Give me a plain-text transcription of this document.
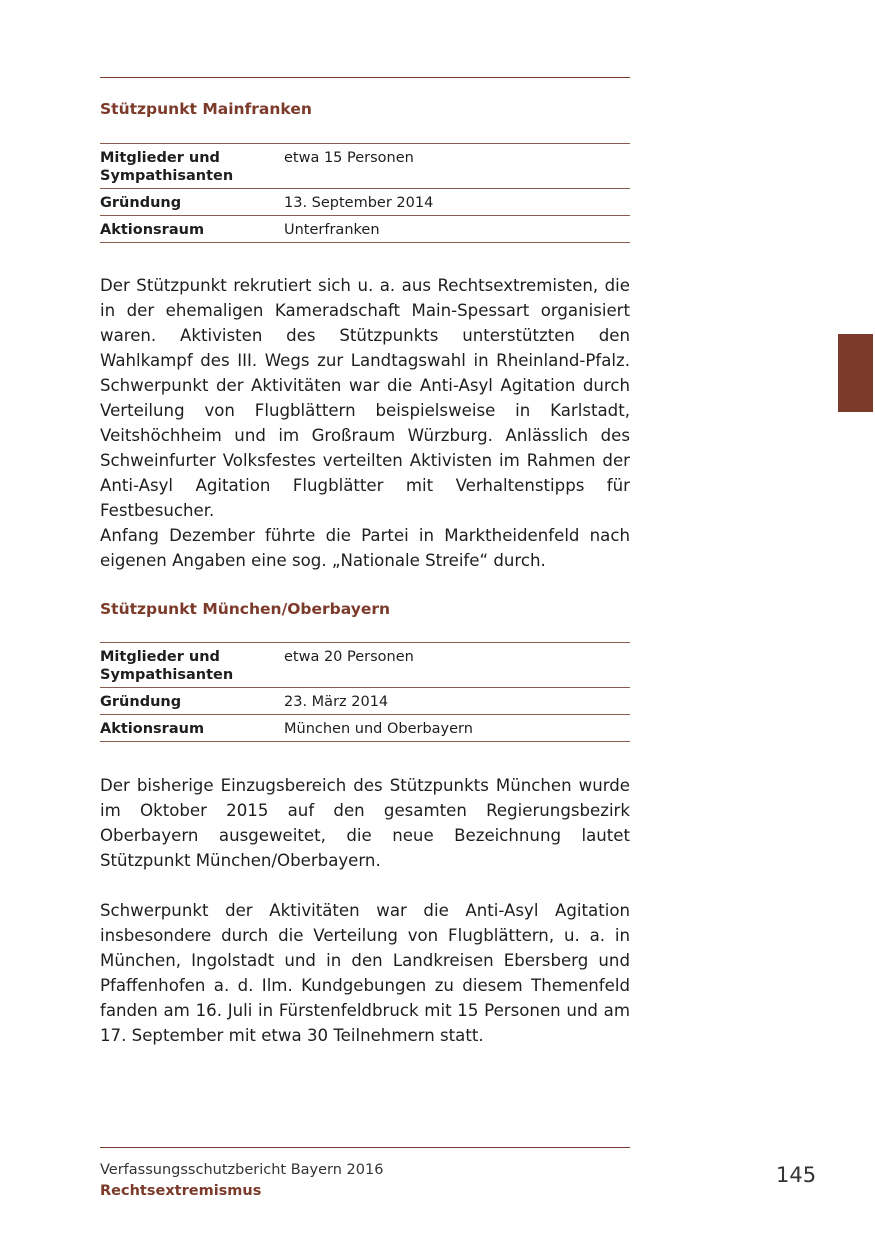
Stützpunkt Mainfranken
Mitglieder und Sympathisanten	etwa 15 Personen
Gründung	13. September 2014
Aktionsraum	Unterfranken

Der Stützpunkt rekrutiert sich u. a. aus Rechtsextremisten, die in der ehemaligen Kameradschaft Main-Spessart organisiert waren. Aktivisten des Stützpunkts unterstützten den Wahlkampf des III. Wegs zur Landtagswahl in Rheinland-Pfalz. Schwerpunkt der Aktivitäten war die Anti-Asyl Agitation durch Verteilung von Flugblättern beispielsweise in Karlstadt, Veitshöchheim und im Großraum Würzburg. Anlässlich des Schweinfurter Volksfestes verteilten Aktivisten im Rahmen der Anti-Asyl Agitation Flugblätter mit Verhaltenstipps für Festbesucher.

Anfang Dezember führte die Partei in Marktheidenfeld nach eigenen Angaben eine sog. „Nationale Streife“ durch.

Stützpunkt München/Oberbayern
Mitglieder und Sympathisanten	etwa 20 Personen
Gründung	23. März 2014
Aktionsraum	München und Oberbayern

Der bisherige Einzugsbereich des Stützpunkts München wurde im Oktober 2015 auf den gesamten Regierungsbezirk Oberbayern ausgeweitet, die neue Bezeichnung lautet Stützpunkt München/Oberbayern.

Schwerpunkt der Aktivitäten war die Anti-Asyl Agitation insbesondere durch die Verteilung von Flugblättern, u. a. in München, Ingolstadt und in den Landkreisen Ebersberg und Pfaffenhofen a. d. Ilm. Kundgebungen zu diesem Themenfeld fanden am 16. Juli in Fürstenfeldbruck mit 15 Personen und am 17. September mit etwa 30 Teilnehmern statt.

Verfassungsschutzbericht Bayern 2016
Rechtsextremismus
145
